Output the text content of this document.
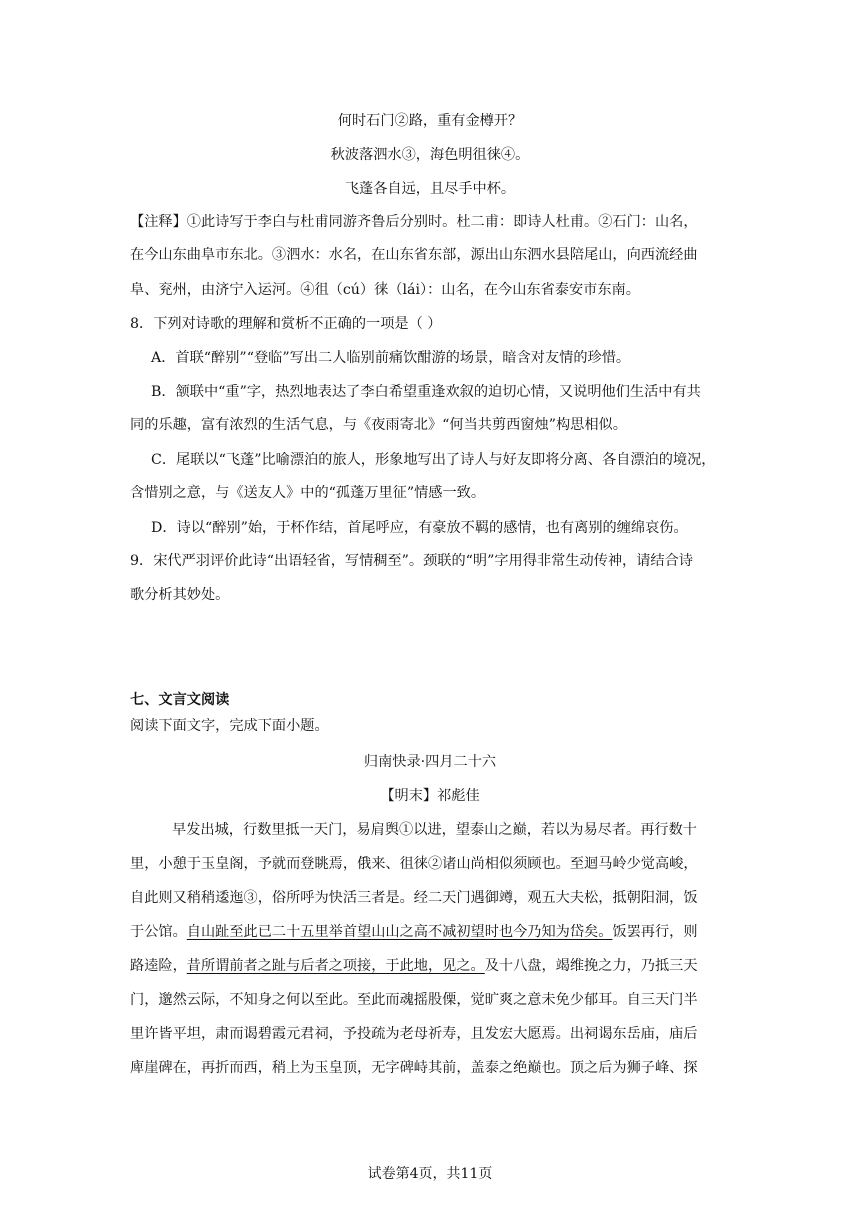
何时石门②路，重有金樽开？
秋波落泗水③，海色明徂徕④。
飞蓬各自远，且尽手中杯。
【注释】①此诗写于李白与杜甫同游齐鲁后分别时。杜二甫：即诗人杜甫。②石门：山名，
在今山东曲阜市东北。③泗水：水名，在山东省东部，源出山东泗水县陪尾山，向西流经曲
阜、兖州，由济宁入运河。④徂（cú）徕（lái）：山名，在今山东省泰安市东南。
8．下列对诗歌的理解和赏析不正确的一项是（ ）
A．首联“醉别”“登临”写出二人临别前痛饮酣游的场景，暗含对友情的珍惜。
B．颔联中“重”字，热烈地表达了李白希望重逢欢叙的迫切心情，又说明他们生活中有共
同的乐趣，富有浓烈的生活气息，与《夜雨寄北》“何当共剪西窗烛”构思相似。
C．尾联以“飞蓬”比喻漂泊的旅人，形象地写出了诗人与好友即将分离、各自漂泊的境况，
含惜别之意，与《送友人》中的“孤蓬万里征”情感一致。
D．诗以“醉别”始，于杯作结，首尾呼应，有豪放不羁的感情，也有离别的缠绵哀伤。
9．宋代严羽评价此诗“出语轻省，写情稠至”。颈联的“明”字用得非常生动传神，请结合诗
歌分析其妙处。
七、文言文阅读
阅读下面文字，完成下面小题。
归南快录·四月二十六
【明末】祁彪佳
早发出城，行数里抵一天门，易肩舆①以进，望泰山之巅，若以为易尽者。再行数十
里，小憩于玉皇阁，予就而登眺焉，俄来、徂徕②诸山尚相似须顾也。至迴马岭少觉高峻，
自此则又稍稍逶迤③，俗所呼为快活三者是。经二天门遇御竴，观五大夫松，抵朝阳洞，饭
于公馆。自山趾至此已二十五里举首望山山之高不减初望时也今乃知为岱矣。饭罢再行，则
路逵险，昔所谓前者之趾与后者之项接，于此地，见之。及十八盘，竭维挽之力，乃抵三天
门，邈然云际，不知身之何以至此。至此而魂摇股傈，觉旷爽之意未免少郁耳。自三天门半
里许皆平坦，肃而谒碧霞元君祠，予投疏为老母祈寿，且发宏大愿焉。出祠谒东岳庙，庙后
庳崖碑在，再折而西，稍上为玉皇顶，无字碑峙其前，盖泰之绝巅也。顶之后为狮子峰、探
试卷第4页，共11页
